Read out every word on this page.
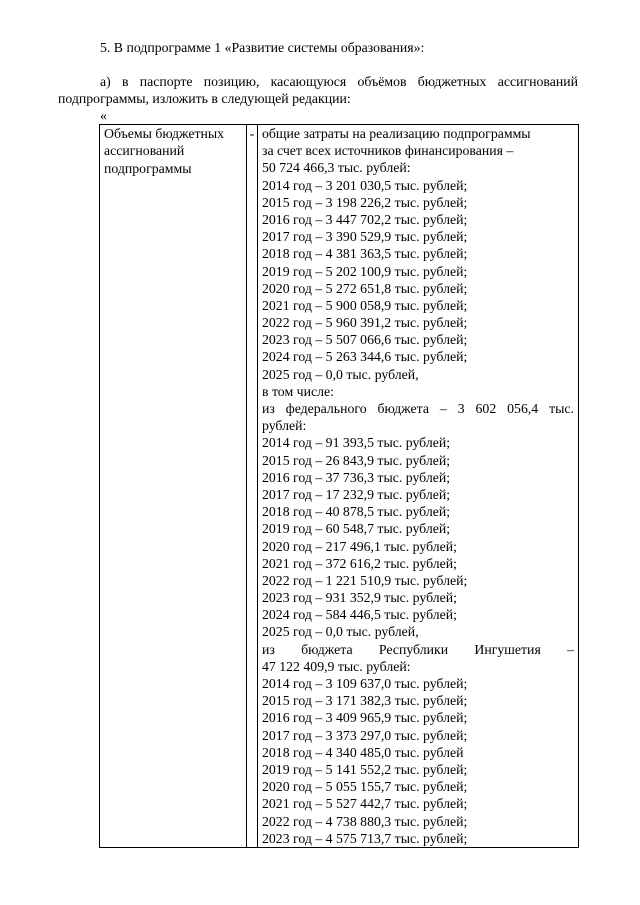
5. В подпрограмме 1 «Развитие системы образования»:
а) в паспорте позицию, касающуюся объёмов бюджетных ассигнований
подпрограммы, изложить в следующей редакции:
«
Объемы бюджетных ассигнований подпрограммы	-	общие затраты на реализацию подпрограммы
за счет всех источников финансирования –
50 724 466,3 тыс. рублей:
2014 год – 3 201 030,5 тыс. рублей;
2015 год – 3 198 226,2 тыс. рублей;
2016 год – 3 447 702,2 тыс. рублей;
2017 год – 3 390 529,9 тыс. рублей;
2018 год – 4 381 363,5 тыс. рублей;
2019 год – 5 202 100,9 тыс. рублей;
2020 год – 5 272 651,8 тыс. рублей;
2021 год – 5 900 058,9 тыс. рублей;
2022 год – 5 960 391,2 тыс. рублей;
2023 год – 5 507 066,6 тыс. рублей;
2024 год – 5 263 344,6 тыс. рублей;
2025 год – 0,0 тыс. рублей,
в том числе:
из федерального бюджета – 3 602 056,4 тыс.
рублей:
2014 год – 91 393,5 тыс. рублей;
2015 год – 26 843,9 тыс. рублей;
2016 год – 37 736,3 тыс. рублей;
2017 год – 17 232,9 тыс. рублей;
2018 год – 40 878,5 тыс. рублей;
2019 год – 60 548,7 тыс. рублей;
2020 год – 217 496,1 тыс. рублей;
2021 год – 372 616,2 тыс. рублей;
2022 год – 1 221 510,9 тыс. рублей;
2023 год – 931 352,9 тыс. рублей;
2024 год – 584 446,5 тыс. рублей;
2025 год – 0,0 тыс. рублей,
из бюджета Республики Ингушетия –
47 122 409,9 тыс. рублей:
2014 год – 3 109 637,0 тыс. рублей;
2015 год – 3 171 382,3 тыс. рублей;
2016 год – 3 409 965,9 тыс. рублей;
2017 год – 3 373 297,0 тыс. рублей;
2018 год – 4 340 485,0 тыс. рублей
2019 год – 5 141 552,2 тыс. рублей;
2020 год – 5 055 155,7 тыс. рублей;
2021 год – 5 527 442,7 тыс. рублей;
2022 год – 4 738 880,3 тыс. рублей;
2023 год – 4 575 713,7 тыс. рублей;
